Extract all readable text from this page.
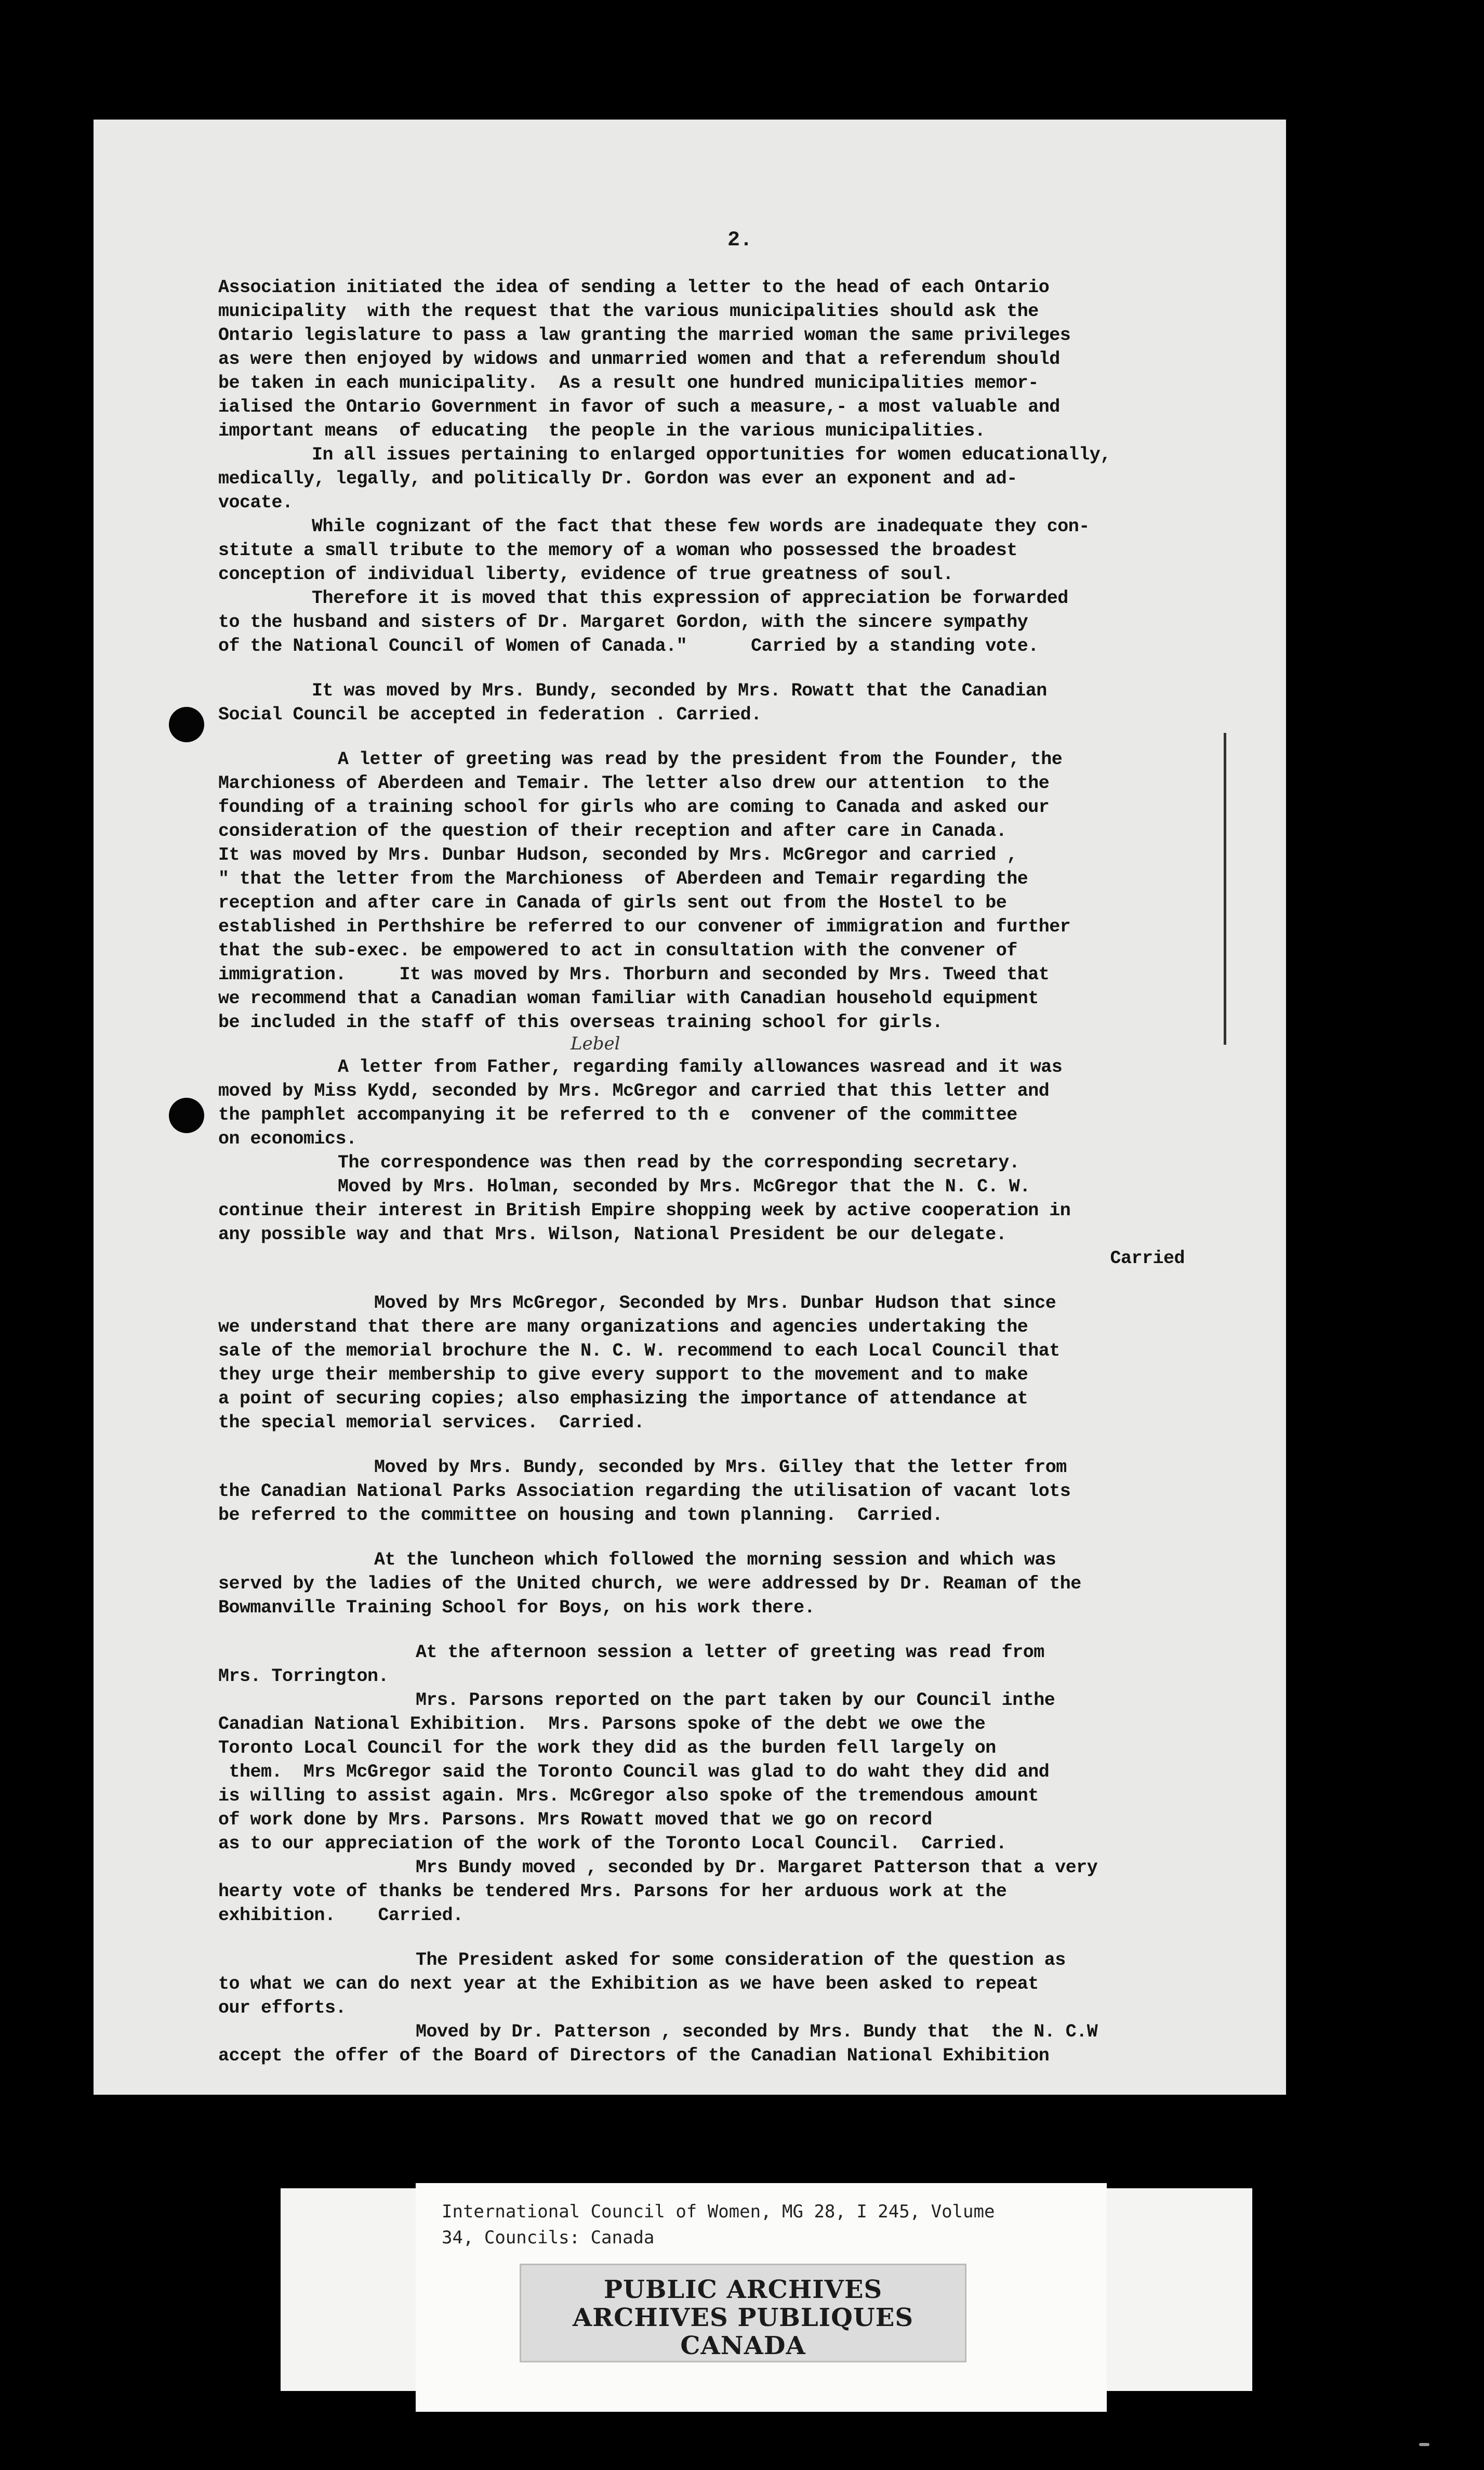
2.
Association initiated the idea of sending a letter to the head of each Ontario
municipality  with the request that the various municipalities should ask the
Ontario legislature to pass a law granting the married woman the same privileges
as were then enjoyed by widows and unmarried women and that a referendum should
be taken in each municipality.  As a result one hundred municipalities memor-
ialised the Ontario Government in favor of such a measure,- a most valuable and
important means  of educating  the people in the various municipalities.
In all issues pertaining to enlarged opportunities for women educationally,
medically, legally, and politically Dr. Gordon was ever an exponent and ad-
vocate.
While cognizant of the fact that these few words are inadequate they con-
stitute a small tribute to the memory of a woman who possessed the broadest
conception of individual liberty, evidence of true greatness of soul.
Therefore it is moved that this expression of appreciation be forwarded
to the husband and sisters of Dr. Margaret Gordon, with the sincere sympathy
of the National Council of Women of Canada."      Carried by a standing vote.
It was moved by Mrs. Bundy, seconded by Mrs. Rowatt that the Canadian
Social Council be accepted in federation . Carried.
A letter of greeting was read by the president from the Founder, the
Marchioness of Aberdeen and Temair. The letter also drew our attention  to the
founding of a training school for girls who are coming to Canada and asked our
consideration of the question of their reception and after care in Canada.
It was moved by Mrs. Dunbar Hudson, seconded by Mrs. McGregor and carried ,
" that the letter from the Marchioness  of Aberdeen and Temair regarding the
reception and after care in Canada of girls sent out from the Hostel to be
established in Perthshire be referred to our convener of immigration and further
that the sub-exec. be empowered to act in consultation with the convener of
immigration.     It was moved by Mrs. Thorburn and seconded by Mrs. Tweed that
we recommend that a Canadian woman familiar with Canadian household equipment
be included in the staff of this overseas training school for girls.
A letter from Father, regarding family allowances wasread and it was
moved by Miss Kydd, seconded by Mrs. McGregor and carried that this letter and
the pamphlet accompanying it be referred to th e  convener of the committee
on economics.
The correspondence was then read by the corresponding secretary.
Moved by Mrs. Holman, seconded by Mrs. McGregor that the N. C. W.
continue their interest in British Empire shopping week by active cooperation in
any possible way and that Mrs. Wilson, National President be our delegate.
Carried
Moved by Mrs McGregor, Seconded by Mrs. Dunbar Hudson that since
we understand that there are many organizations and agencies undertaking the
sale of the memorial brochure the N. C. W. recommend to each Local Council that
they urge their membership to give every support to the movement and to make
a point of securing copies; also emphasizing the importance of attendance at
the special memorial services.  Carried.
Moved by Mrs. Bundy, seconded by Mrs. Gilley that the letter from
the Canadian National Parks Association regarding the utilisation of vacant lots
be referred to the committee on housing and town planning.  Carried.
At the luncheon which followed the morning session and which was
served by the ladies of the United church, we were addressed by Dr. Reaman of the
Bowmanville Training School for Boys, on his work there.
At the afternoon session a letter of greeting was read from
Mrs. Torrington.
Mrs. Parsons reported on the part taken by our Council inthe
Canadian National Exhibition.  Mrs. Parsons spoke of the debt we owe the
Toronto Local Council for the work they did as the burden fell largely on
them.  Mrs McGregor said the Toronto Council was glad to do waht they did and
is willing to assist again. Mrs. McGregor also spoke of the tremendous amount
of work done by Mrs. Parsons. Mrs Rowatt moved that we go on record
as to our appreciation of the work of the Toronto Local Council.  Carried.
Mrs Bundy moved , seconded by Dr. Margaret Patterson that a very
hearty vote of thanks be tendered Mrs. Parsons for her arduous work at the
exhibition.    Carried.
The President asked for some consideration of the question as
to what we can do next year at the Exhibition as we have been asked to repeat
our efforts.
Moved by Dr. Patterson , seconded by Mrs. Bundy that  the N. C.W
accept the offer of the Board of Directors of the Canadian National Exhibition
Lebel
International Council of Women, MG 28, I 245, Volume
34, Councils: Canada
PUBLIC ARCHIVES
ARCHIVES PUBLIQUES
CANADA
